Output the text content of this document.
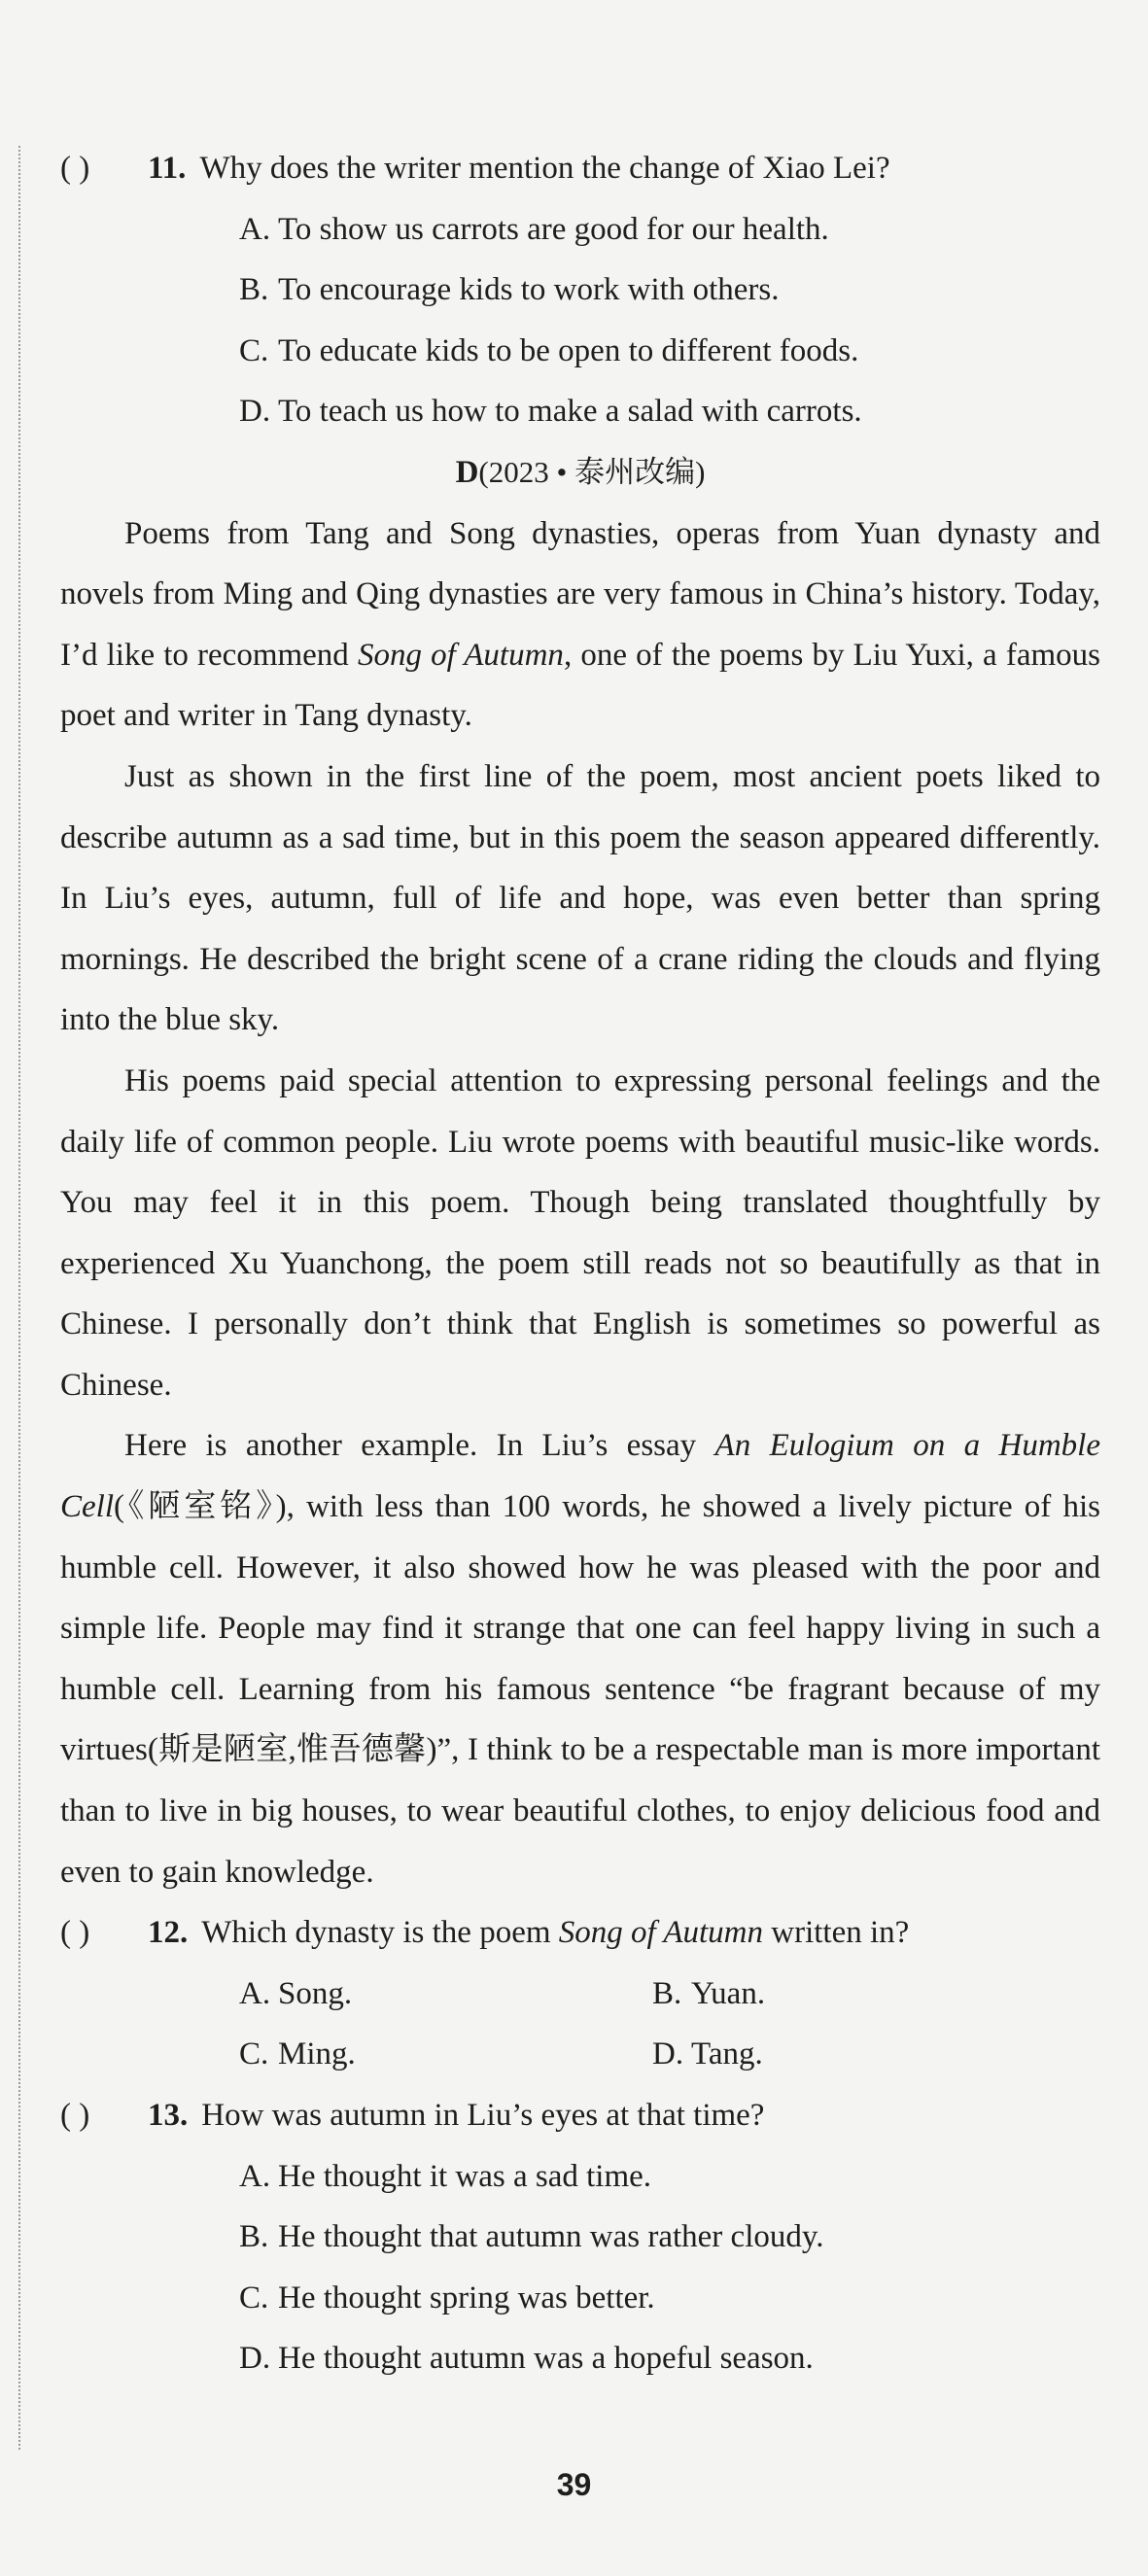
( ) 11. Why does the writer mention the change of Xiao Lei?
A. To show us carrots are good for our health.
B. To encourage kids to work with others.
C. To educate kids to be open to different foods.
D. To teach us how to make a salad with carrots.
D(2023 • 泰州改编)

Poems from Tang and Song dynasties, operas from Yuan dynasty and novels from Ming and Qing dynasties are very famous in China’s history. Today, I’d like to recommend Song of Autumn, one of the poems by Liu Yuxi, a famous poet and writer in Tang dynasty.

Just as shown in the first line of the poem, most ancient poets liked to describe autumn as a sad time, but in this poem the season appeared differently. In Liu’s eyes, autumn, full of life and hope, was even better than spring mornings. He described the bright scene of a crane riding the clouds and flying into the blue sky.

His poems paid special attention to expressing personal feelings and the daily life of common people. Liu wrote poems with beautiful music-like words. You may feel it in this poem. Though being translated thoughtfully by experienced Xu Yuanchong, the poem still reads not so beautifully as that in Chinese. I personally don’t think that English is sometimes so powerful as Chinese.

Here is another example. In Liu’s essay An Eulogium on a Humble Cell(《陋室铭》), with less than 100 words, he showed a lively picture of his humble cell. However, it also showed how he was pleased with the poor and simple life. People may find it strange that one can feel happy living in such a humble cell. Learning from his famous sentence “be fragrant because of my virtues(斯是陋室,惟吾德馨)”, I think to be a respectable man is more important than to live in big houses, to wear beautiful clothes, to enjoy delicious food and even to gain knowledge.

( ) 12. Which dynasty is the poem Song of Autumn written in?
A. Song.	B. Yuan.
C. Ming.	D. Tang.
( ) 13. How was autumn in Liu’s eyes at that time?
A. He thought it was a sad time.
B. He thought that autumn was rather cloudy.
C. He thought spring was better.
D. He thought autumn was a hopeful season.
39
